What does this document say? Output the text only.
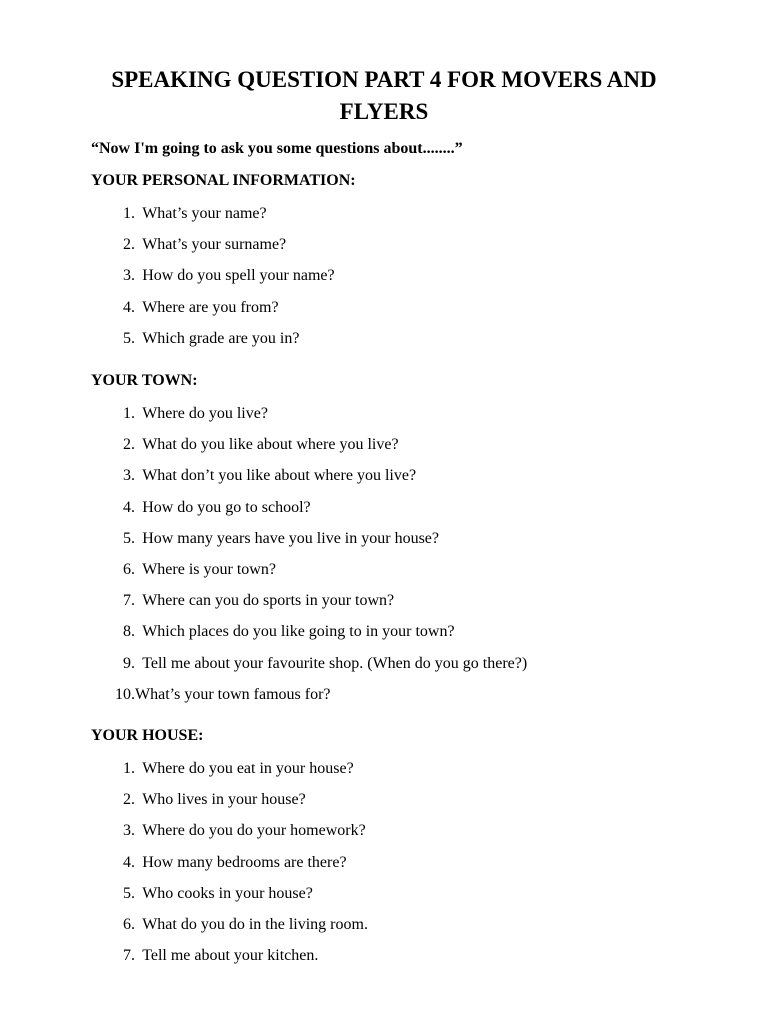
SPEAKING QUESTION PART 4 FOR MOVERS AND FLYERS

“Now I'm going to ask you some questions about........”

YOUR PERSONAL INFORMATION:
1. What’s your name?
2. What’s your surname?
3. How do you spell your name?
4. Where are you from?
5. Which grade are you in?
YOUR TOWN:
1. Where do you live?
2. What do you like about where you live?
3. What don’t you like about where you live?
4. How do you go to school?
5. How many years have you live in your house?
6. Where is your town?
7. Where can you do sports in your town?
8. Which places do you like going to in your town?
9. Tell me about your favourite shop. (When do you go there?)
10. What’s your town famous for?
YOUR HOUSE:
1. Where do you eat in your house?
2. Who lives in your house?
3. Where do you do your homework?
4. How many bedrooms are there?
5. Who cooks in your house?
6. What do you do in the living room.
7. Tell me about your kitchen.
